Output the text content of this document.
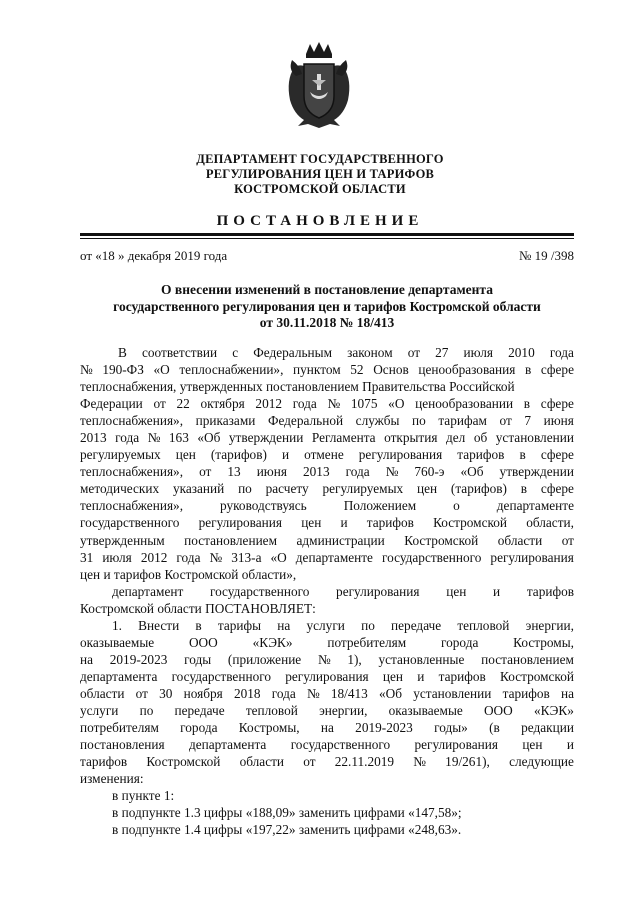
ДЕПАРТАМЕНТ ГОСУДАРСТВЕННОГО
РЕГУЛИРОВАНИЯ ЦЕН И ТАРИФОВ
КОСТРОМСКОЙ ОБЛАСТИ
ПОСТАНОВЛЕНИЕ
от «18 » декабря 2019 года	№ 19 /398
О внесении изменений в постановление департамента
государственного регулирования цен и тарифов Костромской области
от 30.11.2018 № 18/413
В соответствии с Федеральным законом от 27 июля 2010 года
№ 190-ФЗ «О теплоснабжении», пунктом 52 Основ ценообразования в сфере
теплоснабжения,
утвержденных
постановлением
Правительства
Российской
Федерации от 22 октября 2012 года № 1075 «О ценообразовании в сфере
теплоснабжения», приказами Федеральной службы по тарифам от 7 июня
2013 года № 163 «Об утверждении Регламента открытия дел об установлении
регулируемых цен (тарифов) и отмене регулирования тарифов в сфере
теплоснабжения», от 13 июня 2013 года № 760-э «Об утверждении
методических указаний по расчету регулируемых цен (тарифов) в сфере
теплоснабжения»,	руководствуясь	Положением	о	департаменте
государственного регулирования цен и тарифов Костромской области,
утвержденным постановлением администрации Костромской области от
31 июля 2012 года № 313-а «О департаменте государственного регулирования
цен
и
тарифов
Костромской
области»,
департамент государственного регулирования цен и тарифов
Костромской
области
ПОСТАНОВЛЯЕТ:
1. Внести в тарифы на услуги по передаче тепловой энергии,
оказываемые	ООО	«КЭК»	потребителям	города	Костромы,
на 2019-2023 годы (приложение № 1), установленные постановлением
департамента государственного регулирования цен и тарифов Костромской
области от 30 ноября 2018 года № 18/413 «Об установлении тарифов на
услуги по передаче тепловой энергии, оказываемые ООО «КЭК»
потребителям города Костромы, на 2019-2023 годы» (в редакции
постановления департамента государственного регулирования цен и
тарифов Костромской области от 22.11.2019 № 19/261), следующие
изменения:
в
пункте
1:
в
подпункте
1.3
цифры
«188,09»
заменить
цифрами
«147,58»;
в
подпункте
1.4
цифры
«197,22»
заменить
цифрами
«248,63».
